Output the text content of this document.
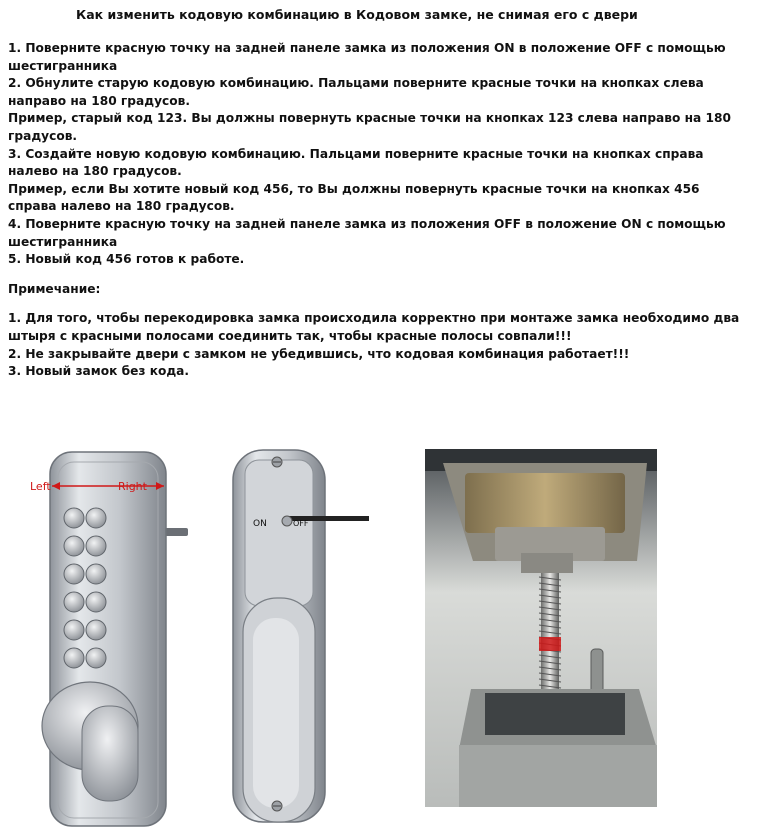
Как изменить кодовую комбинацию в Кодовом замке, не снимая его с двери

1. Поверните красную точку на задней панеле замка из положения ON в положение OFF с помощью шестигранника

2. Обнулите старую кодовую комбинацию. Пальцами поверните красные точки на кнопках слева направо на 180 градусов.

Пример, старый код 123. Вы должны повернуть красные точки на кнопках 123 слева направо на 180 градусов.

3. Создайте новую кодовую комбинацию. Пальцами поверните красные точки на кнопках справа налево на 180 градусов.

Пример, если Вы хотите новый код 456, то Вы должны повернуть красные точки на кнопках 456 справа налево на 180 градусов.

4. Поверните красную точку на задней панеле замка из положения OFF в положение ON с помощью шестигранника

5. Новый код 456 готов к работе.

Примечание:

1. Для того, чтобы перекодировка замка происходила корректно при монтаже замка необходимо два штыря с красными полосами соединить так, чтобы красные полосы совпали!!!

2. Не закрывайте двери с замком не убедившись, что кодовая комбинация работает!!!

3. Новый замок без кода.

Left	Right
ON	OFF
